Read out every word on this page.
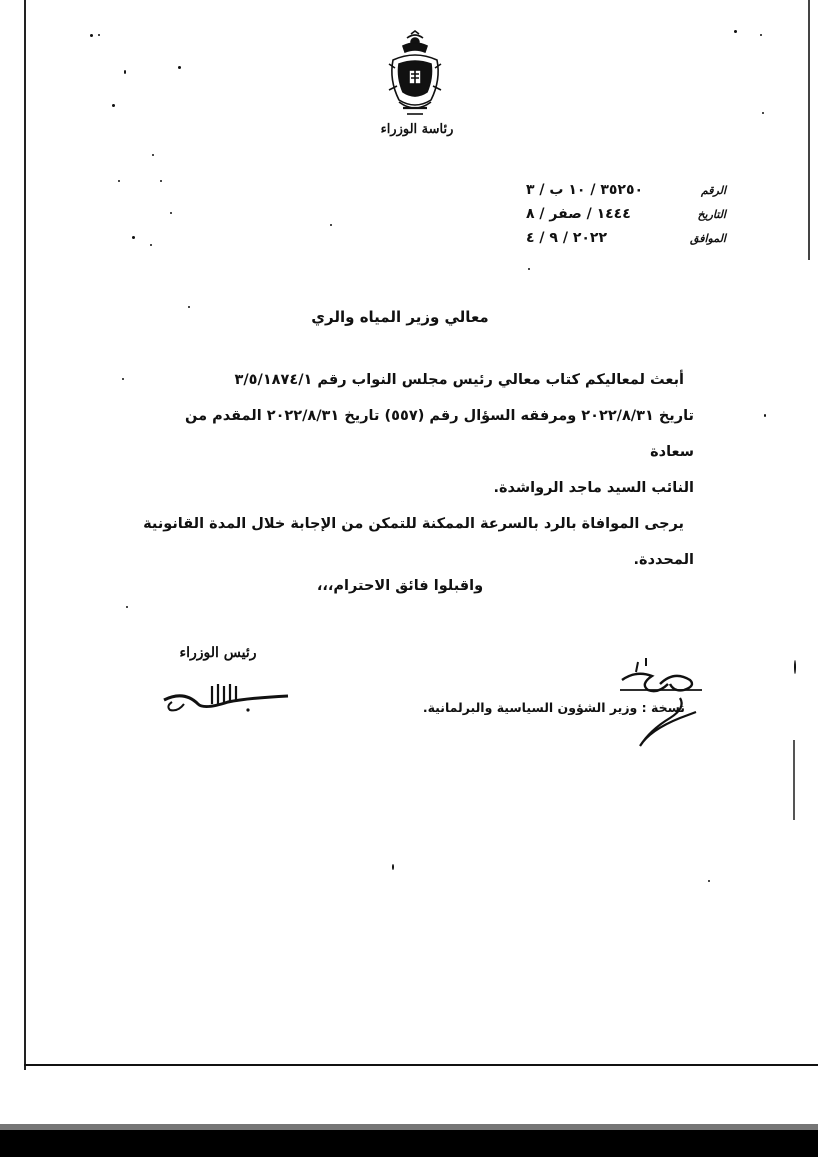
رئاسة الوزراء
الرقم
٣٥٢٥٠ / ١٠ ب / ٣
التاريخ
١٤٤٤ / صفر / ٨
الموافق
٢٠٢٢ / ٩ / ٤
معالي وزير المياه والري

أبعث لمعاليكم كتاب معالي رئيس مجلس النواب رقم ٣/٥/١٨٧٤/١

تاريخ ٢٠٢٢/٨/٣١ ومرفقه السؤال رقم (٥٥٧) تاريخ ٢٠٢٢/٨/٣١ المقدم من سعادة

النائب السيد ماجد الرواشدة.

يرجى الموافاة بالرد بالسرعة الممكنة للتمكن من الإجابة خلال المدة القانونية

المحددة.

واقبلوا فائق الاحترام،،،
رئيس الوزراء
نسخة : وزير الشؤون السياسية والبرلمانية.
